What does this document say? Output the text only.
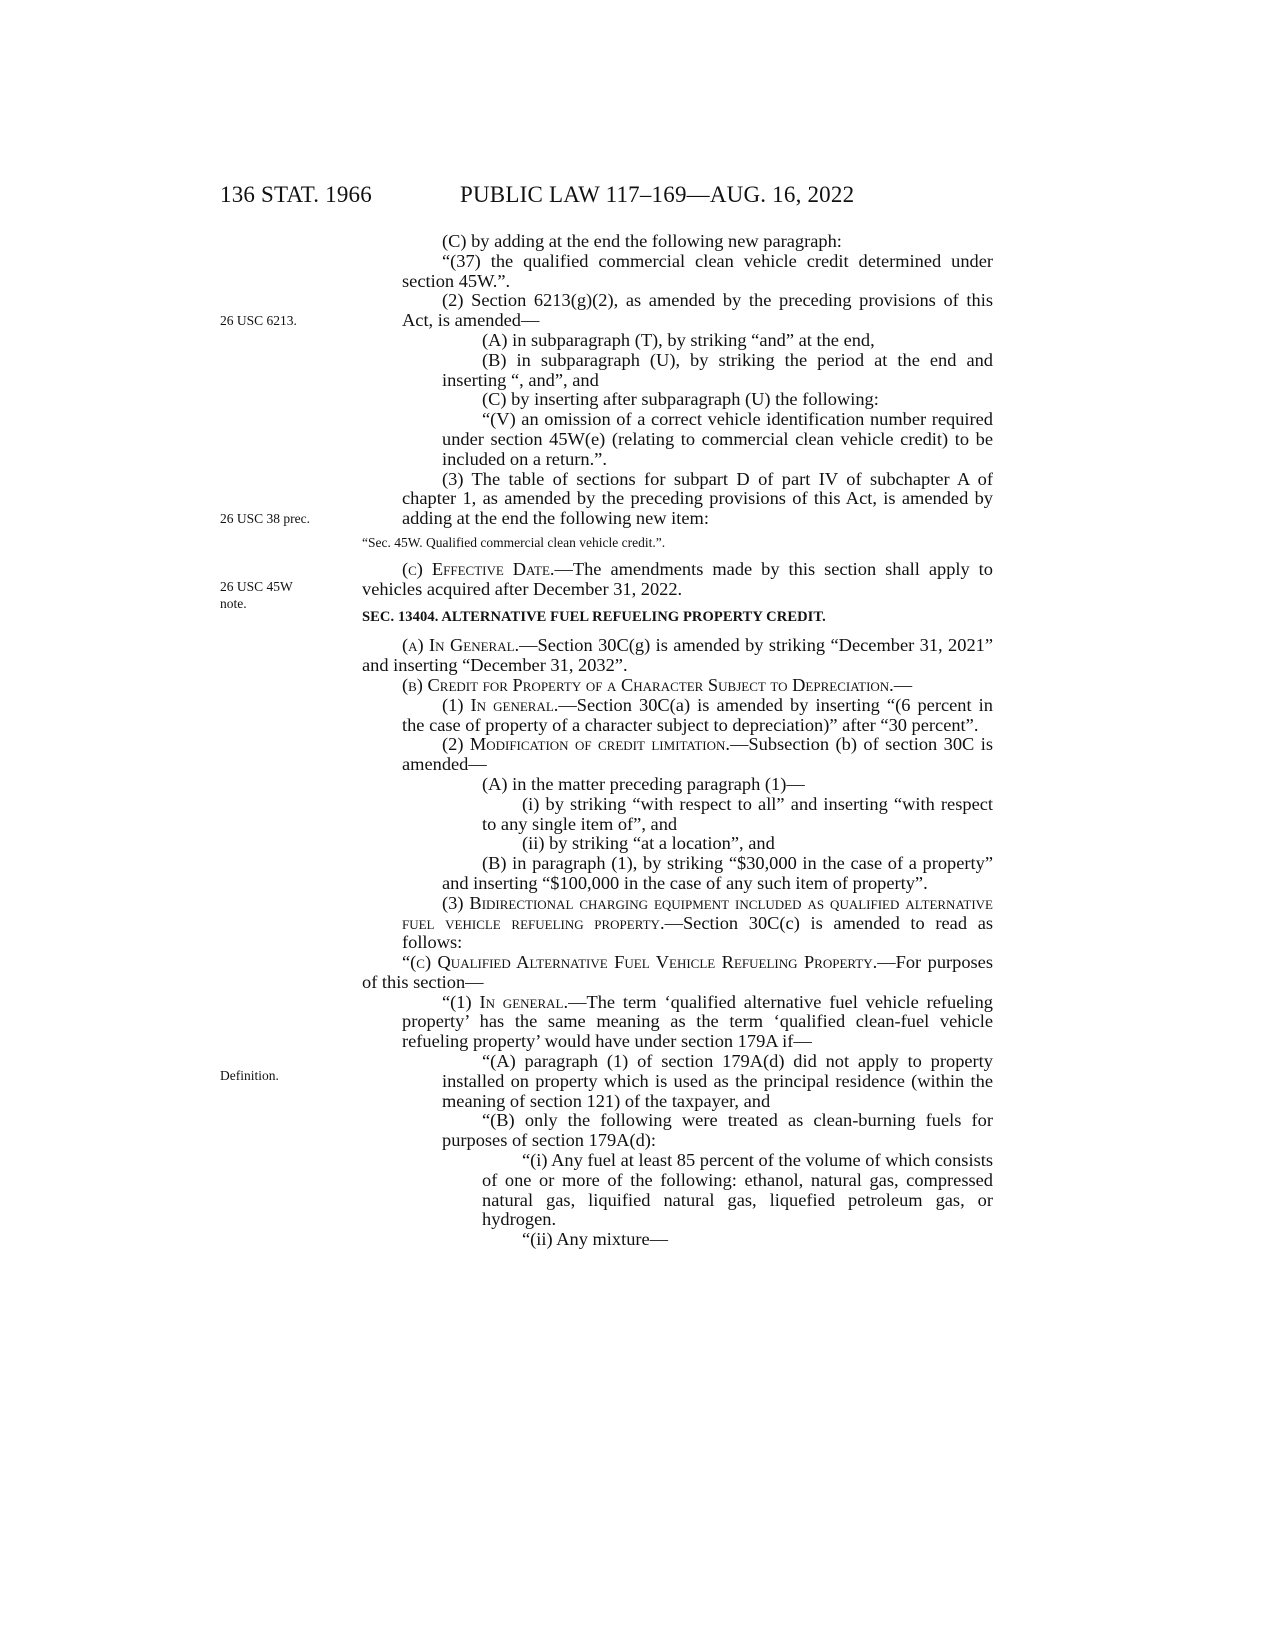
136 STAT. 1966	PUBLIC LAW 117–169—AUG. 16, 2022
26 USC 6213.
26 USC 38 prec.
26 USC 45W note.
Definition.

(C) by adding at the end the following new paragraph:

“(37) the qualified commercial clean vehicle credit determined under section 45W.”.

(2) Section 6213(g)(2), as amended by the preceding provisions of this Act, is amended—

(A) in subparagraph (T), by striking “and” at the end,

(B) in subparagraph (U), by striking the period at the end and inserting “, and”, and

(C) by inserting after subparagraph (U) the following:

“(V) an omission of a correct vehicle identification number required under section 45W(e) (relating to commercial clean vehicle credit) to be included on a return.”.

(3) The table of sections for subpart D of part IV of subchapter A of chapter 1, as amended by the preceding provisions of this Act, is amended by adding at the end the following new item:

“Sec. 45W. Qualified commercial clean vehicle credit.”.

(c) Effective Date.—The amendments made by this section shall apply to vehicles acquired after December 31, 2022.

SEC. 13404. ALTERNATIVE FUEL REFUELING PROPERTY CREDIT.

(a) In General.—Section 30C(g) is amended by striking “December 31, 2021” and inserting “December 31, 2032”.

(b) Credit for Property of a Character Subject to Depreciation.—

(1) In general.—Section 30C(a) is amended by inserting “(6 percent in the case of property of a character subject to depreciation)” after “30 percent”.

(2) Modification of credit limitation.—Subsection (b) of section 30C is amended—

(A) in the matter preceding paragraph (1)—

(i) by striking “with respect to all” and inserting “with respect to any single item of”, and

(ii) by striking “at a location”, and

(B) in paragraph (1), by striking “$30,000 in the case of a property” and inserting “$100,000 in the case of any such item of property”.

(3) Bidirectional charging equipment included as qualified alternative fuel vehicle refueling property.—Section 30C(c) is amended to read as follows:

“(c) Qualified Alternative Fuel Vehicle Refueling Property.—For purposes of this section—

“(1) In general.—The term ‘qualified alternative fuel vehicle refueling property’ has the same meaning as the term ‘qualified clean-fuel vehicle refueling property’ would have under section 179A if—

“(A) paragraph (1) of section 179A(d) did not apply to property installed on property which is used as the principal residence (within the meaning of section 121) of the taxpayer, and

“(B) only the following were treated as clean-burning fuels for purposes of section 179A(d):

“(i) Any fuel at least 85 percent of the volume of which consists of one or more of the following: ethanol, natural gas, compressed natural gas, liquified natural gas, liquefied petroleum gas, or hydrogen.

“(ii) Any mixture—
